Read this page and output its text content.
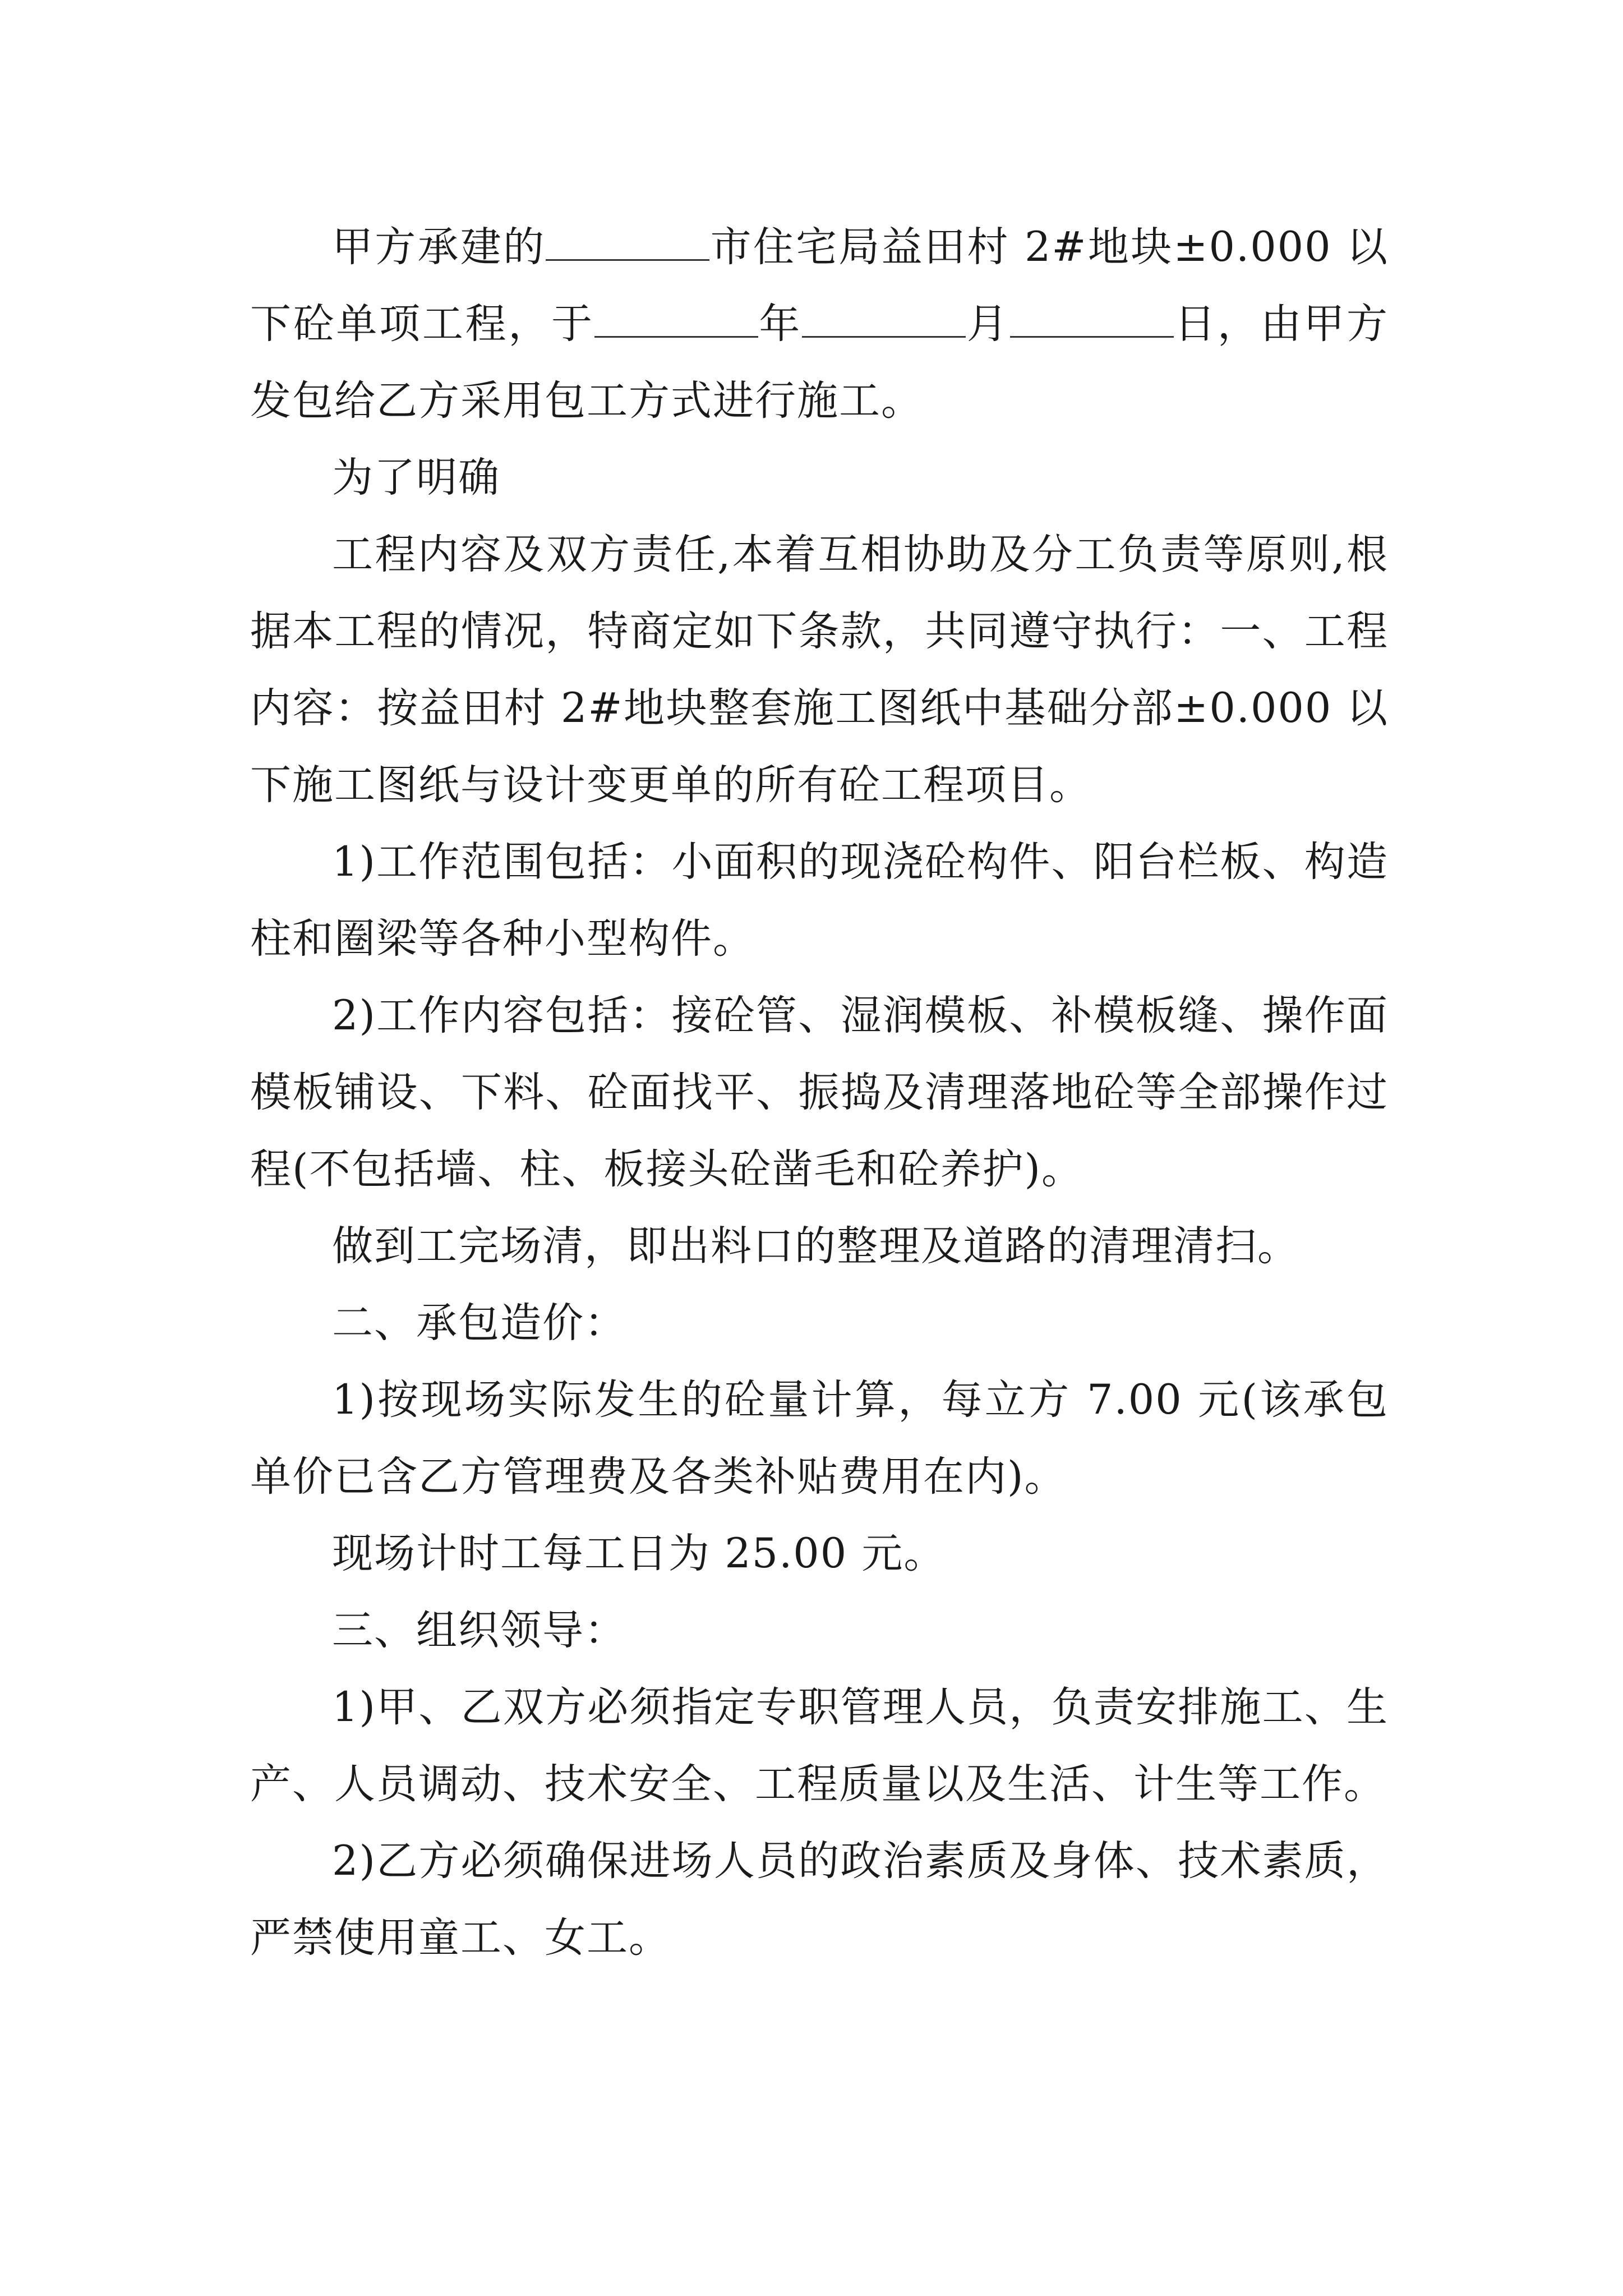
甲方承建的	市住宅局益田村 2#地块±0.000 以下砼单项工程，于	年	月	日，由甲方发包给乙方采用包工方式进行施工。

为了明确

工程内容及双方责任,本着互相协助及分工负责等原则,根据本工程的情况，特商定如下条款，共同遵守执行：一、工程内容：按益田村 2#地块整套施工图纸中基础分部±0.000 以下施工图纸与设计变更单的所有砼工程项目。

1)工作范围包括：小面积的现浇砼构件、阳台栏板、构造柱和圈梁等各种小型构件。

2)工作内容包括：接砼管、湿润模板、补模板缝、操作面模板铺设、下料、砼面找平、振捣及清理落地砼等全部操作过程(不包括墙、柱、板接头砼凿毛和砼养护)。

做到工完场清，即出料口的整理及道路的清理清扫。

二、承包造价：

1)按现场实际发生的砼量计算，每立方 7.00 元(该承包单价已含乙方管理费及各类补贴费用在内)。

现场计时工每工日为 25.00 元。

三、组织领导：

1)甲、乙双方必须指定专职管理人员，负责安排施工、生产、人员调动、技术安全、工程质量以及生活、计生等工作。

2)乙方必须确保进场人员的政治素质及身体、技术素质，严禁使用童工、女工。
